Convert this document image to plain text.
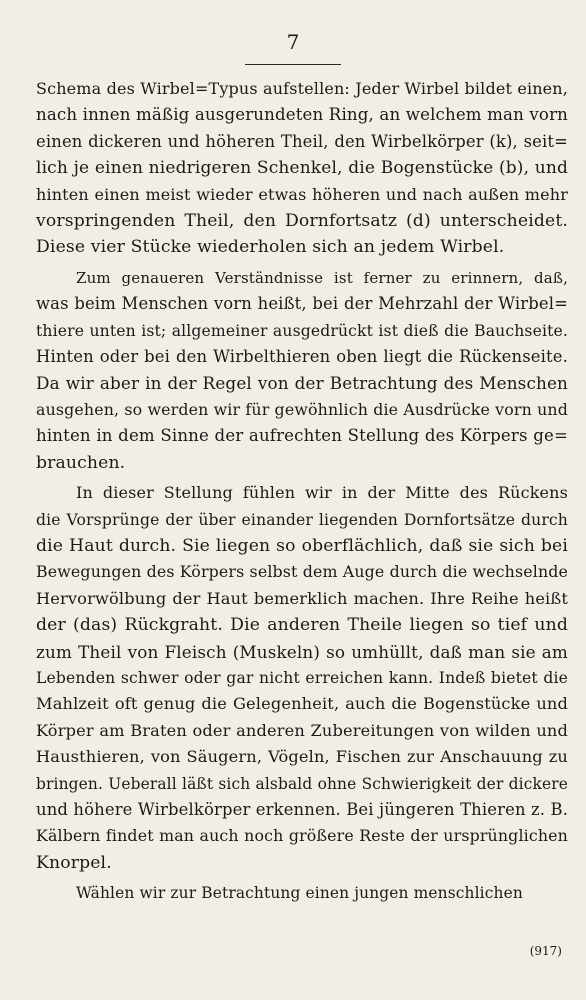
7
Schema des Wirbel=Typus aufstellen: Jeder Wirbel bildet einen,
nach innen mäßig ausgerundeten Ring, an welchem man vorn
einen dickeren und höheren Theil, den Wirbelkörper (k), seit=
lich je einen niedrigeren Schenkel, die Bogenstücke (b), und
hinten einen meist wieder etwas höheren und nach außen mehr
vorspringenden Theil, den Dornfortsatz (d) unterscheidet.
Diese vier Stücke wiederholen sich an jedem Wirbel.
Zum genaueren Verständnisse ist ferner zu erinnern, daß,
was beim Menschen vorn heißt, bei der Mehrzahl der Wirbel=
thiere unten ist; allgemeiner ausgedrückt ist dieß die Bauchseite.
Hinten oder bei den Wirbelthieren oben liegt die Rückenseite.
Da wir aber in der Regel von der Betrachtung des Menschen
ausgehen, so werden wir für gewöhnlich die Ausdrücke vorn und
hinten in dem Sinne der aufrechten Stellung des Körpers ge=
brauchen.
In dieser Stellung fühlen wir in der Mitte des Rückens
die Vorsprünge der über einander liegenden Dornfortsätze durch
die Haut durch. Sie liegen so oberflächlich, daß sie sich bei
Bewegungen des Körpers selbst dem Auge durch die wechselnde
Hervorwölbung der Haut bemerklich machen. Ihre Reihe heißt
der (das) Rückgraht. Die anderen Theile liegen so tief und
zum Theil von Fleisch (Muskeln) so umhüllt, daß man sie am
Lebenden schwer oder gar nicht erreichen kann. Indeß bietet die
Mahlzeit oft genug die Gelegenheit, auch die Bogenstücke und
Körper am Braten oder anderen Zubereitungen von wilden und
Hausthieren, von Säugern, Vögeln, Fischen zur Anschauung zu
bringen. Ueberall läßt sich alsbald ohne Schwierigkeit der dickere
und höhere Wirbelkörper erkennen. Bei jüngeren Thieren z. B.
Kälbern findet man auch noch größere Reste der ursprünglichen
Knorpel.
Wählen wir zur Betrachtung einen jungen menschlichen
(917)
